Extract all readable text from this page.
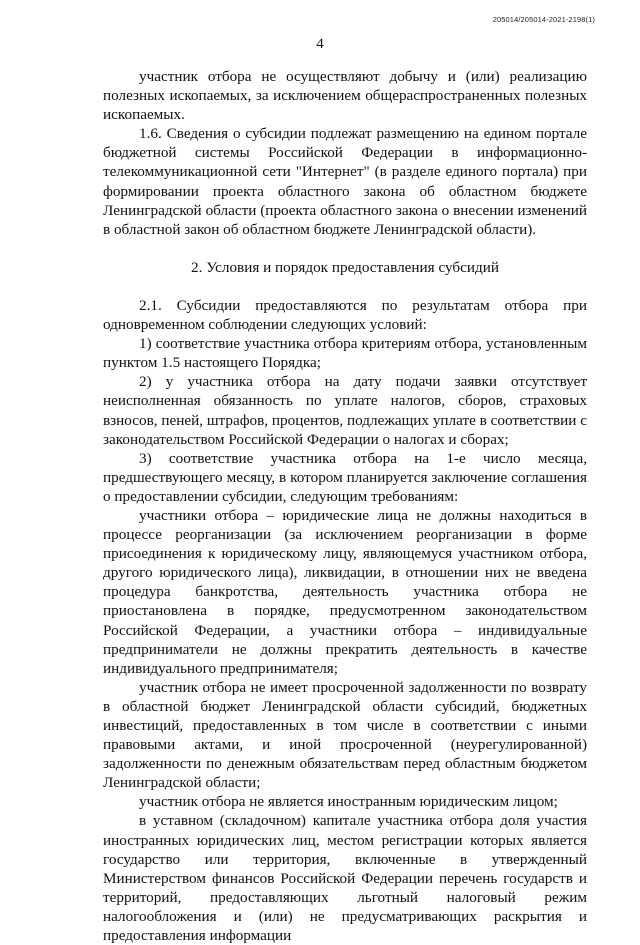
205014/205014-2021-2198(1)
4

участник отбора не осуществляют добычу и (или) реализацию полезных ископаемых, за исключением общераспространенных полезных ископаемых.

1.6. Сведения о субсидии подлежат размещению на едином портале бюджетной системы Российской Федерации в информационно-телекоммуникационной сети "Интернет" (в разделе единого портала) при формировании проекта областного закона об областном бюджете Ленинградской области (проекта областного закона о внесении изменений в областной закон об областном бюджете Ленинградской области).

2. Условия и порядок предоставления субсидий

2.1. Субсидии предоставляются по результатам отбора при одновременном соблюдении следующих условий:

1) соответствие участника отбора критериям отбора, установленным пунктом 1.5 настоящего Порядка;

2) у участника отбора на дату подачи заявки отсутствует неисполненная обязанность по уплате налогов, сборов, страховых взносов, пеней, штрафов, процентов, подлежащих уплате в соответствии с законодательством Российской Федерации о налогах и сборах;

3) соответствие участника отбора на 1-е число месяца, предшествующего месяцу, в котором планируется заключение соглашения о предоставлении субсидии, следующим требованиям:

участники отбора – юридические лица не должны находиться в процессе реорганизации (за исключением реорганизации в форме присоединения к юридическому лицу, являющемуся участником отбора, другого юридического лица), ликвидации, в отношении них не введена процедура банкротства, деятельность участника отбора не приостановлена в порядке, предусмотренном законодательством Российской Федерации, а участники отбора – индивидуальные предприниматели не должны прекратить деятельность в качестве индивидуального предпринимателя;

участник отбора не имеет просроченной задолженности по возврату в областной бюджет Ленинградской области субсидий, бюджетных инвестиций, предоставленных в том числе в соответствии с иными правовыми актами, и иной просроченной (неурегулированной) задолженности по денежным обязательствам перед областным бюджетом Ленинградской области;

участник отбора не является иностранным юридическим лицом;

в уставном (складочном) капитале участника отбора доля участия иностранных юридических лиц, местом регистрации которых является государство или территория, включенные в утвержденный Министерством финансов Российской Федерации перечень государств и территорий, предоставляющих льготный налоговый режим налогообложения и (или) не предусматривающих раскрытия и предоставления информации
